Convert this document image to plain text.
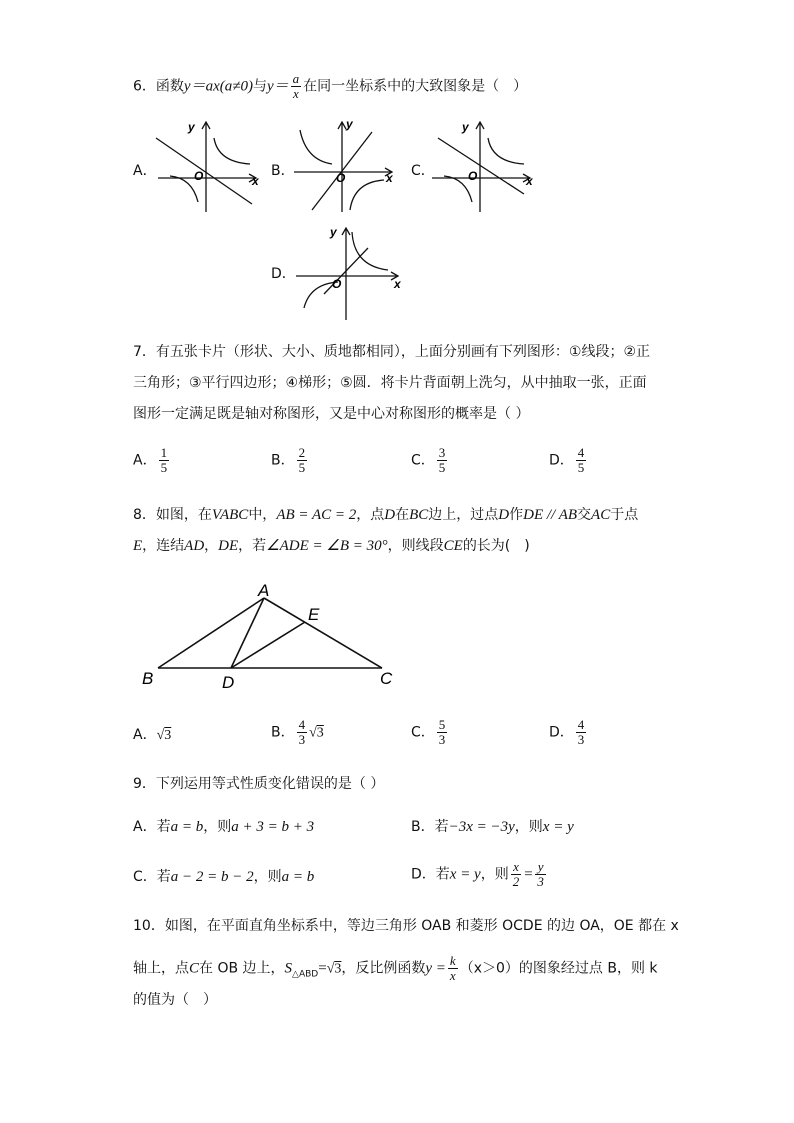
6．函数y＝ax(a≠0)与$y= \frac{a}{x}$ 在同一坐标系中的大致图象是（　）
A．
y
x
O	B．
y
x
O	C．
y
x
O
D．
y
x
O
7．有五张卡片（形状、大小、质地都相同），上面分别画有下列图形：①线段；②正
三角形；③平行四边形；④梯形；⑤圆．将卡片背面朝上洗匀，从中抽取一张，正面
图形一定满足既是轴对称图形，又是中心对称图形的概率是（ ）
A． $\frac{1}{5}$	B． $\frac{2}{5}$	C． $\frac{3}{5}$	D． $\frac{4}{5}$
8．如图，在VABC中，AB = AC = 2，点D在BC边上，过点D作DE // AB交AC于点
E，连结AD，DE，若∠ADE = ∠B = 30°，则线段CE的长为(　)
A
B	C
D
E
A．√3	B． $\frac{4}{3} √3$	C． $\frac{5}{3}$	D． $\frac{4}{3}$
9．下列运用等式性质变化错误的是（ ）
A．若a = b，则a + 3 = b + 3	B．若−3x = −3y，则x = y
C．若a − 2 = b − 2，则a = b	D．若x = y，则 $\frac{x}{2} = \frac{y}{3}$
10．如图，在平面直角坐标系中，等边三角形 OAB 和菱形 OCDE 的边 OA，OE 都在 x
轴上，点C在 OB 边上，$S_{\triangle ABD}=√3$，反比例函数$y = \frac{k}{x} (x>0)$的图象经过点 B，则 k
的值为（　）
